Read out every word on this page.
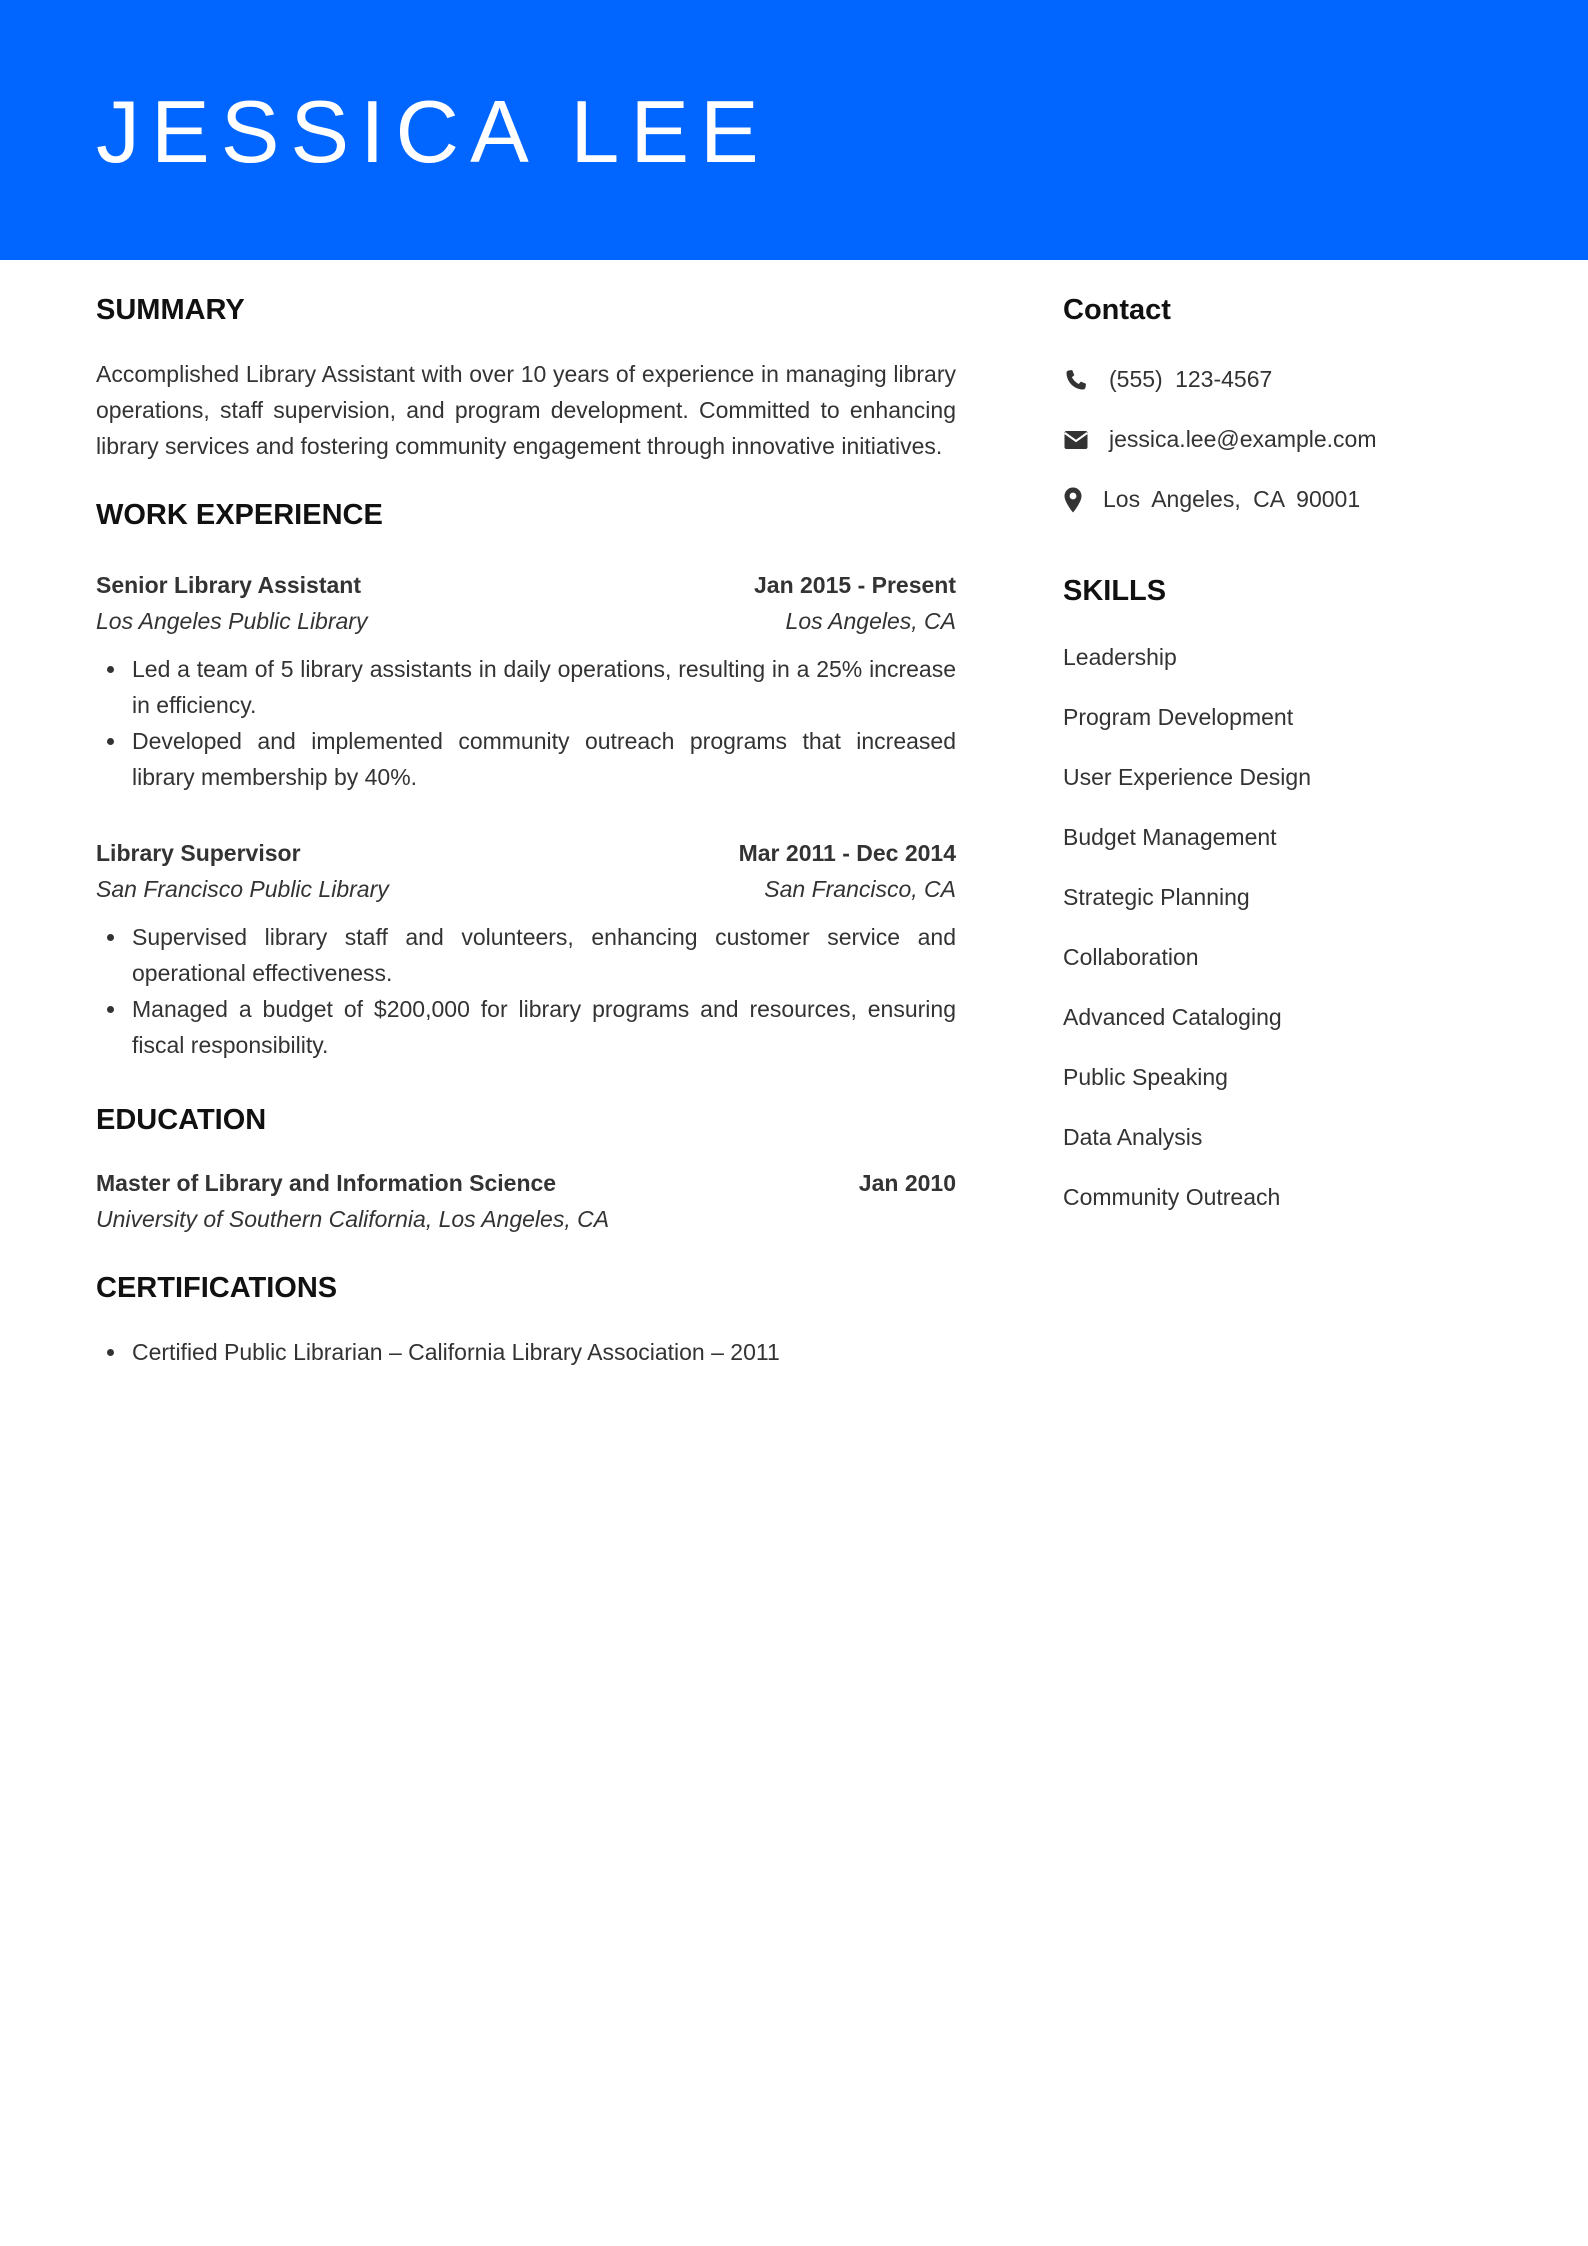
JESSICA LEE
SUMMARY
Accomplished Library Assistant with over 10 years of experience in managing library operations, staff supervision, and program development. Committed to enhancing library services and fostering community engagement through innovative initiatives.
WORK EXPERIENCE
Senior Library Assistant	Jan 2015 - Present
Los Angeles Public Library	Los Angeles, CA
Led a team of 5 library assistants in daily operations, resulting in a 25% increase in efficiency.
Developed and implemented community outreach programs that increased library membership by 40%.
Library Supervisor	Mar 2011 - Dec 2014
San Francisco Public Library	San Francisco, CA
Supervised library staff and volunteers, enhancing customer service and operational effectiveness.
Managed a budget of $200,000 for library programs and resources, ensuring fiscal responsibility.
EDUCATION
Master of Library and Information Science	Jan 2010
University of Southern California, Los Angeles, CA
CERTIFICATIONS
Certified Public Librarian – California Library Association – 2011
Contact
(555) 123-4567
jessica.lee@example.com
Los Angeles, CA 90001
SKILLS
Leadership
Program Development
User Experience Design
Budget Management
Strategic Planning
Collaboration
Advanced Cataloging
Public Speaking
Data Analysis
Community Outreach
